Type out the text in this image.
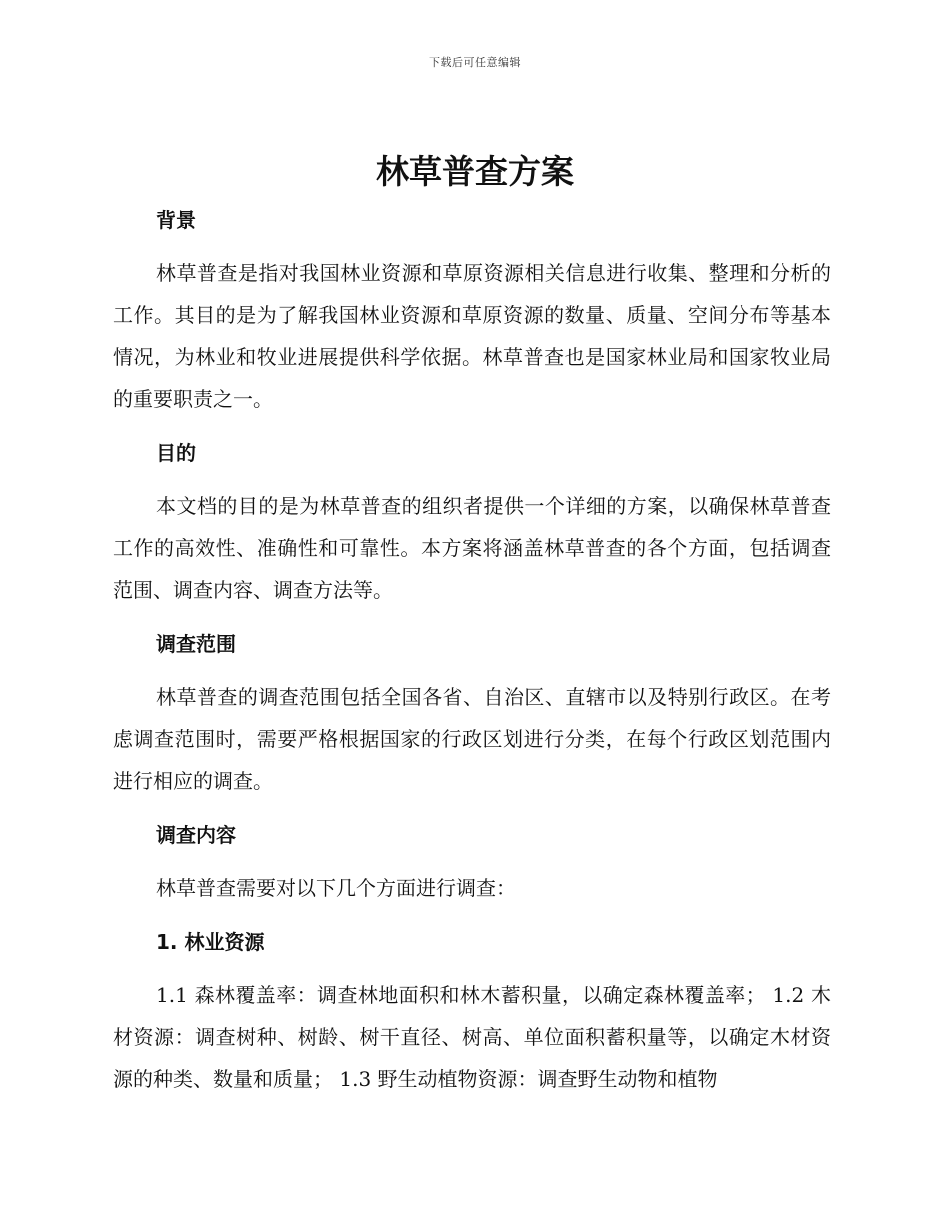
下载后可任意编辑
林草普查方案
背景

林草普查是指对我国林业资源和草原资源相关信息进行收集、整理和分析的工作。其目的是为了解我国林业资源和草原资源的数量、质量、空间分布等基本情况，为林业和牧业进展提供科学依据。林草普查也是国家林业局和国家牧业局的重要职责之一。

目的

本文档的目的是为林草普查的组织者提供一个详细的方案，以确保林草普查工作的高效性、准确性和可靠性。本方案将涵盖林草普查的各个方面，包括调查范围、调查内容、调查方法等。

调查范围

林草普查的调查范围包括全国各省、自治区、直辖市以及特别行政区。在考虑调查范围时，需要严格根据国家的行政区划进行分类，在每个行政区划范围内进行相应的调查。

调查内容

林草普查需要对以下几个方面进行调查：

1. 林业资源

1.1 森林覆盖率：调查林地面积和林木蓄积量，以确定森林覆盖率； 1.2 木材资源：调查树种、树龄、树干直径、树高、单位面积蓄积量等，以确定木材资源的种类、数量和质量； 1.3 野生动植物资源：调查野生动物和植物
